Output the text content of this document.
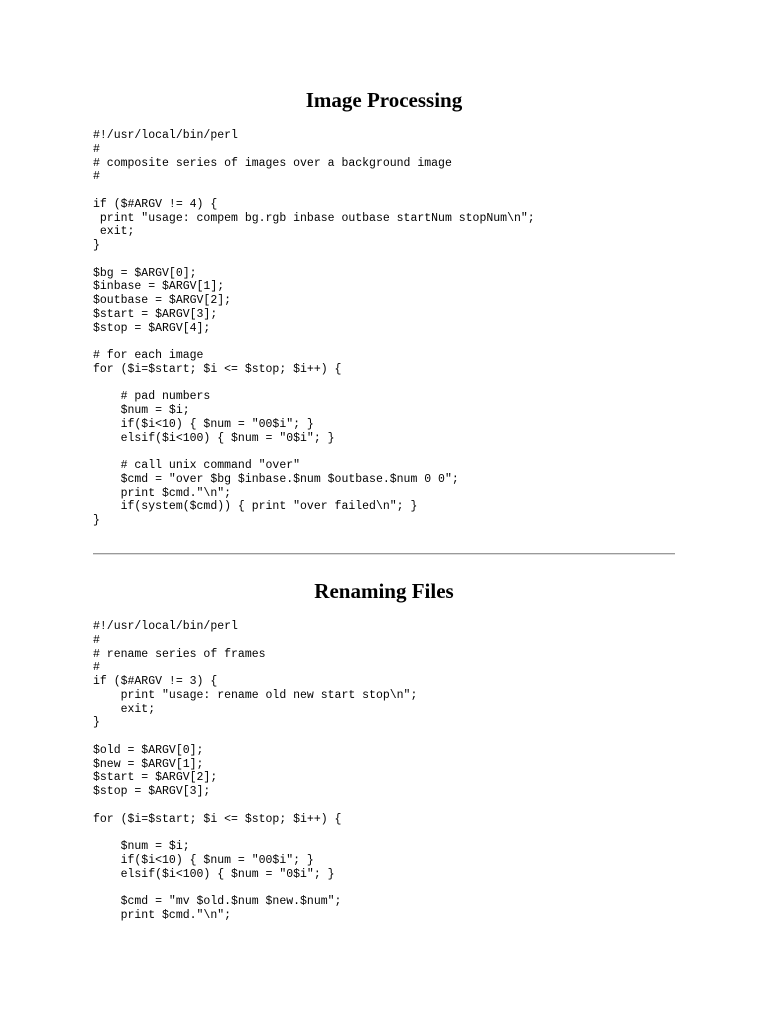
Image Processing
#!/usr/local/bin/perl
#
# composite series of images over a background image
#

if ($#ARGV != 4) {
print "usage: compem bg.rgb inbase outbase startNum stopNum\n";
exit;
}

$bg = $ARGV[0];
$inbase = $ARGV[1];
$outbase = $ARGV[2];
$start = $ARGV[3];
$stop = $ARGV[4];

# for each image
for ($i=$start; $i <= $stop; $i++) {

# pad numbers
$num = $i;
if($i<10) { $num = "00$i"; }
elsif($i<100) { $num = "0$i"; }

# call unix command "over"
$cmd = "over $bg $inbase.$num $outbase.$num 0 0";
print $cmd."\n";
if(system($cmd)) { print "over failed\n"; }
}
Renaming Files
#!/usr/local/bin/perl
#
# rename series of frames
#
if ($#ARGV != 3) {
print "usage: rename old new start stop\n";
exit;
}

$old = $ARGV[0];
$new = $ARGV[1];
$start = $ARGV[2];
$stop = $ARGV[3];

for ($i=$start; $i <= $stop; $i++) {

$num = $i;
if($i<10) { $num = "00$i"; }
elsif($i<100) { $num = "0$i"; }

$cmd = "mv $old.$num $new.$num";
print $cmd."\n";
